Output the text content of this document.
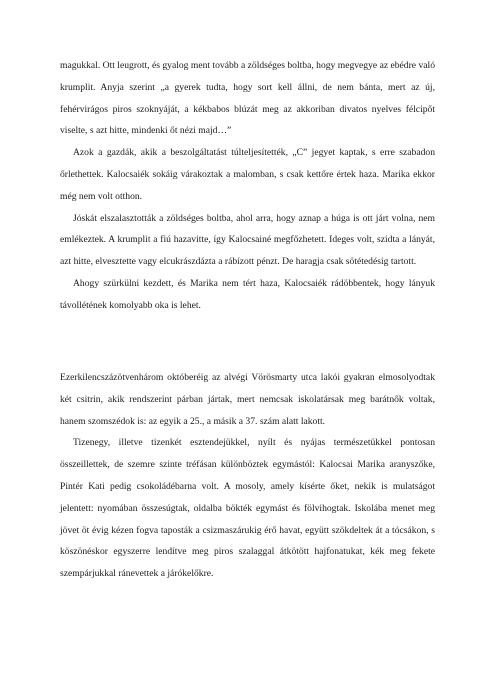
magukkal. Ott leugrott, és gyalog ment tovább a zöldséges boltba, hogy megvegye az ebédre való krumplit. Anyja szerint „a gyerek tudta, hogy sort kell állni, de nem bánta, mert az új, fehérvirágos piros szoknyáját, a kékbabos blúzát meg az akkoriban divatos nyelves félcipőt viselte, s azt hitte, mindenki őt nézi majd…”

Azok a gazdák, akik a beszolgáltatást túlteljesítették, „C” jegyet kaptak, s erre szabadon őrlethettek. Kalocsaiék sokáig várakoztak a malomban, s csak kettőre értek haza. Marika ekkor még nem volt otthon.

Jóskát elszalasztották a zöldséges boltba, ahol arra, hogy aznap a húga is ott járt volna, nem emlékeztek. A krumplit a fiú hazavitte, így Kalocsainé megfőzhetett. Ideges volt, szidta a lányát, azt hitte, elvesztette vagy elcukrászdázta a rábízott pénzt. De haragja csak sötétedésig tartott.

Ahogy szürkülni kezdett, és Marika nem tért haza, Kalocsaiék rádöbbentek, hogy lányuk távollétének komolyabb oka is lehet.

Ezerkilencszázötvenhárom októberéig az alvégi Vörösmarty utca lakói gyakran elmosolyodtak két csitrin, akik rendszerint párban jártak, mert nemcsak iskolatársak meg barátnők voltak, hanem szomszédok is: az egyik a 25., a másik a 37. szám alatt lakott.

Tizenegy, illetve tizenkét esztendejükkel, nyílt és nyájas természetükkel pontosan összeillettek, de szemre szinte tréfásan különböztek egymástól: Kalocsai Marika aranyszőke, Pintér Kati pedig csokoládébarna volt. A mosoly, amely kísérte őket, nekik is mulatságot jelentett: nyomában összesúgtak, oldalba bökték egymást és fölvihogtak. Iskolába menet meg jövet öt évig kézen fogva taposták a csizmaszárukig érő havat, együtt szökdeltek át a tócsákon, s köszönéskor egyszerre lendítve meg piros szalaggal átkötött hajfonatukat, kék meg fekete szempárjukkal ránevettek a járókelőkre.
